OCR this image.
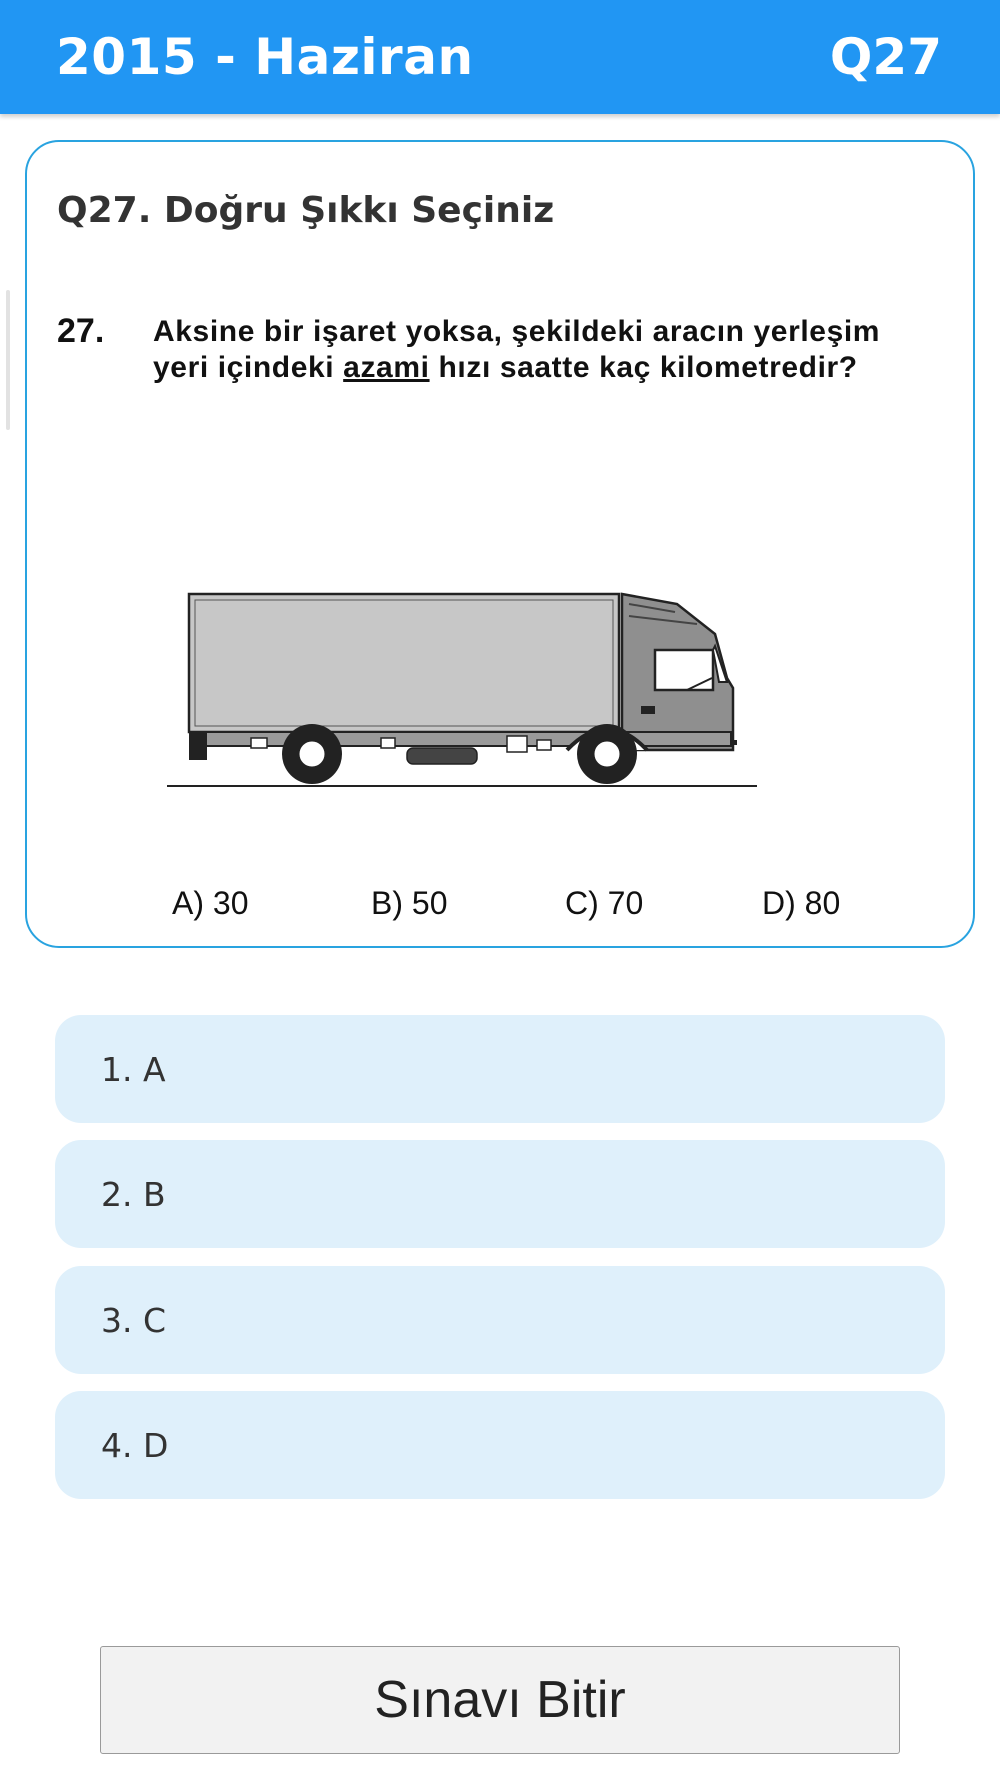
2015 - Haziran	Q27
Q27. Doğru Şıkkı Seçiniz
27. Aksine bir işaret yoksa, şekildeki aracın yerleşim yeri içindeki azami hızı saatte kaç kilometredir?
A) 30	B) 50	C) 70	D) 80
1. A
2. B
3. C
4. D
Sınavı Bitir
